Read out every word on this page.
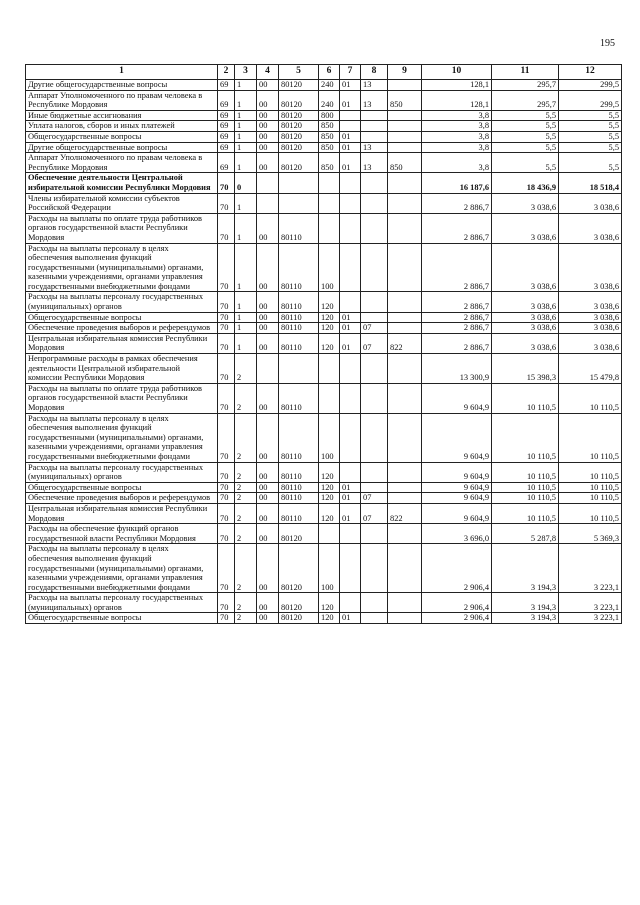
195
1	2	3	4	5	6	7	8	9	10	11	12
Другие общегосударственные вопросы	69	1	00	80120	240	01	13		128,1	295,7	299,5
Аппарат Уполномоченного по правам человека в Республике Мордовия	69	1	00	80120	240	01	13	850	128,1	295,7	299,5
Иные бюджетные ассигнования	69	1	00	80120	800				3,8	5,5	5,5
Уплата налогов, сборов и иных платежей	69	1	00	80120	850				3,8	5,5	5,5
Общегосударственные вопросы	69	1	00	80120	850	01			3,8	5,5	5,5
Другие общегосударственные вопросы	69	1	00	80120	850	01	13		3,8	5,5	5,5
Аппарат Уполномоченного по правам человека в Республике Мордовия	69	1	00	80120	850	01	13	850	3,8	5,5	5,5
Обеспечение деятельности Центральной избирательной комиссии Республики Мордовия	70	0							16 187,6	18 436,9	18 518,4
Члены избирательной комиссии субъектов Российской Федерации	70	1							2 886,7	3 038,6	3 038,6
Расходы на выплаты по оплате труда работников органов государственной власти Республики Мордовия	70	1	00	80110					2 886,7	3 038,6	3 038,6
Расходы на выплаты персоналу в целях обеспечения выполнения функций государственными (муниципальными) органами, казенными учреждениями, органами управления государственными внебюджетными фондами	70	1	00	80110	100				2 886,7	3 038,6	3 038,6
Расходы на выплаты персоналу государственных (муниципальных) органов	70	1	00	80110	120				2 886,7	3 038,6	3 038,6
Общегосударственные вопросы	70	1	00	80110	120	01			2 886,7	3 038,6	3 038,6
Обеспечение проведения выборов и референдумов	70	1	00	80110	120	01	07		2 886,7	3 038,6	3 038,6
Центральная избирательная комиссия Республики Мордовия	70	1	00	80110	120	01	07	822	2 886,7	3 038,6	3 038,6
Непрограммные расходы в рамках обеспечения деятельности Центральной избирательной комиссии Республики Мордовия	70	2							13 300,9	15 398,3	15 479,8
Расходы на выплаты по оплате труда работников органов государственной власти Республики Мордовия	70	2	00	80110					9 604,9	10 110,5	10 110,5
Расходы на выплаты персоналу в целях обеспечения выполнения функций государственными (муниципальными) органами, казенными учреждениями, органами управления государственными внебюджетными фондами	70	2	00	80110	100				9 604,9	10 110,5	10 110,5
Расходы на выплаты персоналу государственных (муниципальных) органов	70	2	00	80110	120				9 604,9	10 110,5	10 110,5
Общегосударственные вопросы	70	2	00	80110	120	01			9 604,9	10 110,5	10 110,5
Обеспечение проведения выборов и референдумов	70	2	00	80110	120	01	07		9 604,9	10 110,5	10 110,5
Центральная избирательная комиссия Республики Мордовия	70	2	00	80110	120	01	07	822	9 604,9	10 110,5	10 110,5
Расходы на обеспечение функций органов государственной власти Республики Мордовия	70	2	00	80120					3 696,0	5 287,8	5 369,3
Расходы на выплаты персоналу в целях обеспечения выполнения функций государственными (муниципальными) органами, казенными учреждениями, органами управления государственными внебюджетными фондами	70	2	00	80120	100				2 906,4	3 194,3	3 223,1
Расходы на выплаты персоналу государственных (муниципальных) органов	70	2	00	80120	120				2 906,4	3 194,3	3 223,1
Общегосударственные вопросы	70	2	00	80120	120	01			2 906,4	3 194,3	3 223,1
